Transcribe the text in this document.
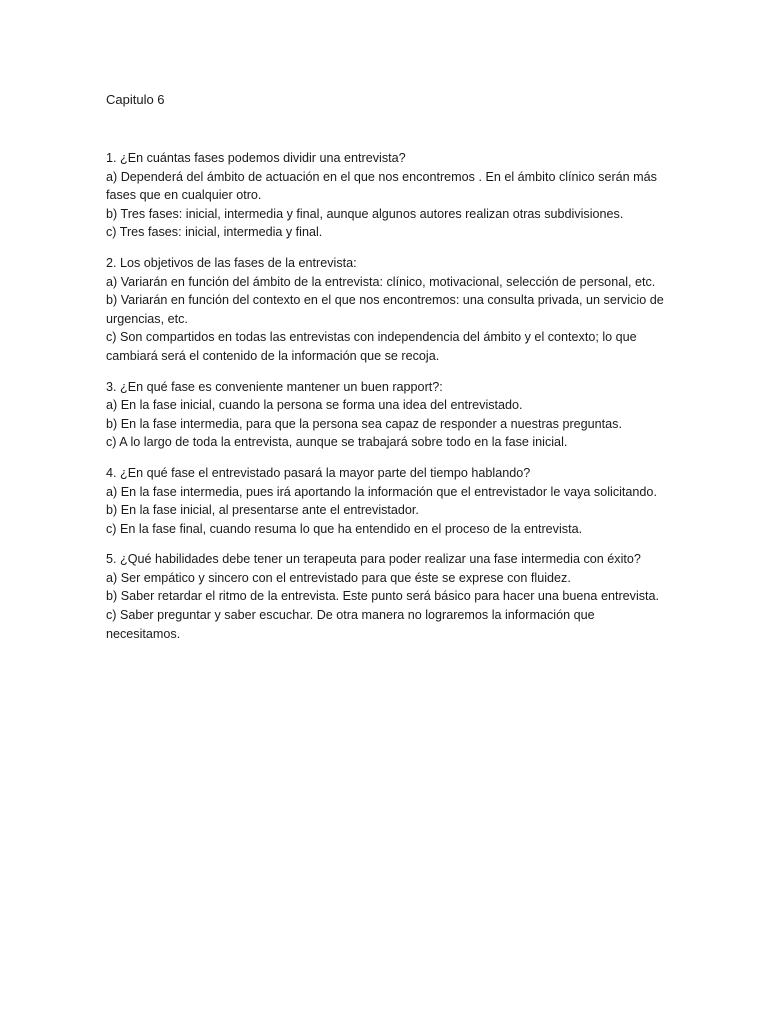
Capitulo 6

1. ¿En cuántas fases podemos dividir una entrevista?

a) Dependerá del ámbito de actuación en el que nos encontremos . En el ámbito clínico serán más fases que en cualquier otro.

b) Tres fases: inicial, intermedia y final, aunque algunos autores realizan otras subdivisiones.

c) Tres fases: inicial, intermedia y final.

2. Los objetivos de las fases de la entrevista:

a) Variarán en función del ámbito de la entrevista: clínico, motivacional, selección de personal, etc.

b) Variarán en función del contexto en el que nos encontremos: una consulta privada, un servicio de urgencias, etc.

c) Son compartidos en todas las entrevistas con independencia del ámbito y el contexto; lo que cambiará será el contenido de la información que se recoja.

3. ¿En qué fase es conveniente mantener un buen rapport?:

a) En la fase inicial, cuando la persona se forma una idea del entrevistado.

b) En la fase intermedia, para que la persona sea capaz de responder a nuestras preguntas.

c) A lo largo de toda la entrevista, aunque se trabajará sobre todo en la fase inicial.

4. ¿En qué fase el entrevistado pasará la mayor parte del tiempo hablando?

a) En la fase intermedia, pues irá aportando la información que el entrevistador le vaya solicitando.

b) En la fase inicial, al presentarse ante el entrevistador.

c) En la fase final, cuando resuma lo que ha entendido en el proceso de la entrevista.

5. ¿Qué habilidades debe tener un terapeuta para poder realizar una fase intermedia con éxito?

a) Ser empático y sincero con el entrevistado para que éste se exprese con fluidez.

b) Saber retardar el ritmo de la entrevista. Este punto será básico para hacer una buena entrevista.

c) Saber preguntar y saber escuchar. De otra manera no lograremos la información que necesitamos.
